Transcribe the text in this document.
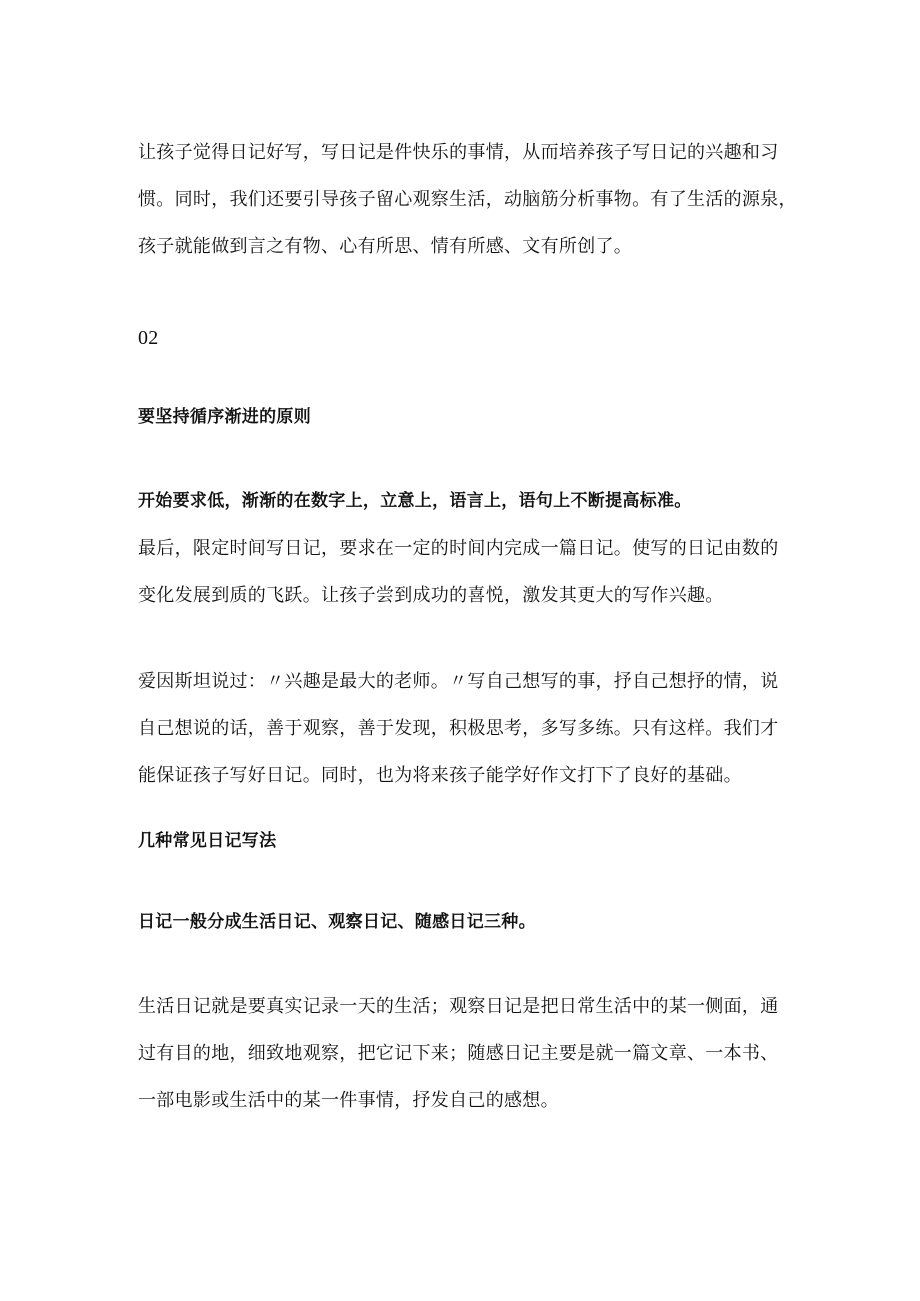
让孩子觉得日记好写，写日记是件快乐的事情，从而培养孩子写日记的兴趣和习
惯。同时，我们还要引导孩子留心观察生活，动脑筋分析事物。有了生活的源泉，
孩子就能做到言之有物、心有所思、情有所感、文有所创了。
02
要坚持循序渐进的原则
开始要求低，渐渐的在数字上，立意上，语言上，语句上不断提高标准。
最后，限定时间写日记，要求在一定的时间内完成一篇日记。使写的日记由数的
变化发展到质的飞跃。让孩子尝到成功的喜悦，激发其更大的写作兴趣。
爱因斯坦说过：〃兴趣是最大的老师。〃写自己想写的事，抒自己想抒的情，说
自己想说的话，善于观察，善于发现，积极思考，多写多练。只有这样。我们才
能保证孩子写好日记。同时，也为将来孩子能学好作文打下了良好的基础。
几种常见日记写法
日记一般分成生活日记、观察日记、随感日记三种。
生活日记就是要真实记录一天的生活；观察日记是把日常生活中的某一侧面，通
过有目的地，细致地观察，把它记下来；随感日记主要是就一篇文章、一本书、
一部电影或生活中的某一件事情，抒发自己的感想。
